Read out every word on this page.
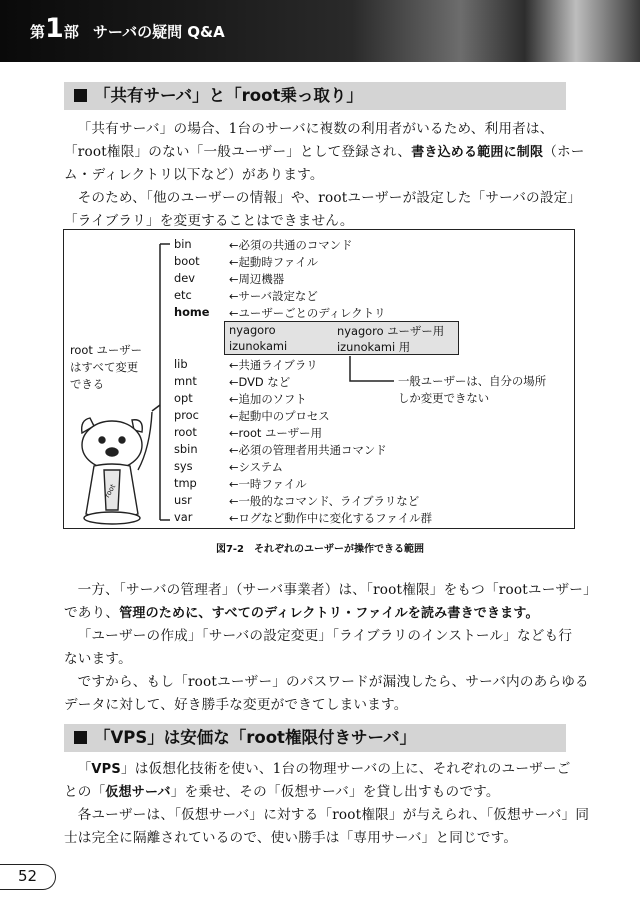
第1部 サーバの疑問 Q&A
「共有サーバ」と「root乗っ取り」
「共有サーバ」の場合、1台のサーバに複数の利用者がいるため、利用者は、
「root権限」のない「一般ユーザー」として登録され、書き込める範囲に制限（ホー
ム・ディレクトリ以下など）があります。
そのため、「他のユーザーの情報」や、rootユーザーが設定した「サーバの設定」
「ライブラリ」を変更することはできません。
root ユーザー
はすべて変更
できる
root
bin	←必須の共通のコマンド
boot	←起動時ファイル
dev	←周辺機器
etc	←サーバ設定など
home ←ユーザーごとのディレクトリ
nyagoro	nyagoro ユーザー用
izunokami	izunokami 用
lib	←共通ライブラリ
mnt	←DVD など
opt	←追加のソフト
proc	←起動中のプロセス
root	←root ユーザー用
sbin	←必須の管理者用共通コマンド
sys	←システム
tmp	←一時ファイル
usr	←一般的なコマンド、ライブラリなど
var	←ログなど動作中に変化するファイル群
一般ユーザーは、自分の場所
しか変更できない
図7-2　それぞれのユーザーが操作できる範囲
一方、「サーバの管理者」（サーバ事業者）は、「root権限」をもつ「rootユーザー」
であり、管理のために、すべてのディレクトリ・ファイルを読み書きできます。
「ユーザーの作成」「サーバの設定変更」「ライブラリのインストール」なども行
ないます。
ですから、もし「rootユーザー」のパスワードが漏洩したら、サーバ内のあらゆる
データに対して、好き勝手な変更ができてしまいます。
「VPS」は安価な「root権限付きサーバ」
「VPS」は仮想化技術を使い、1台の物理サーバの上に、それぞれのユーザーご
との「仮想サーバ」を乗せ、その「仮想サーバ」を貸し出すものです。
各ユーザーは、「仮想サーバ」に対する「root権限」が与えられ、「仮想サーバ」同
士は完全に隔離されているので、使い勝手は「専用サーバ」と同じです。
52
